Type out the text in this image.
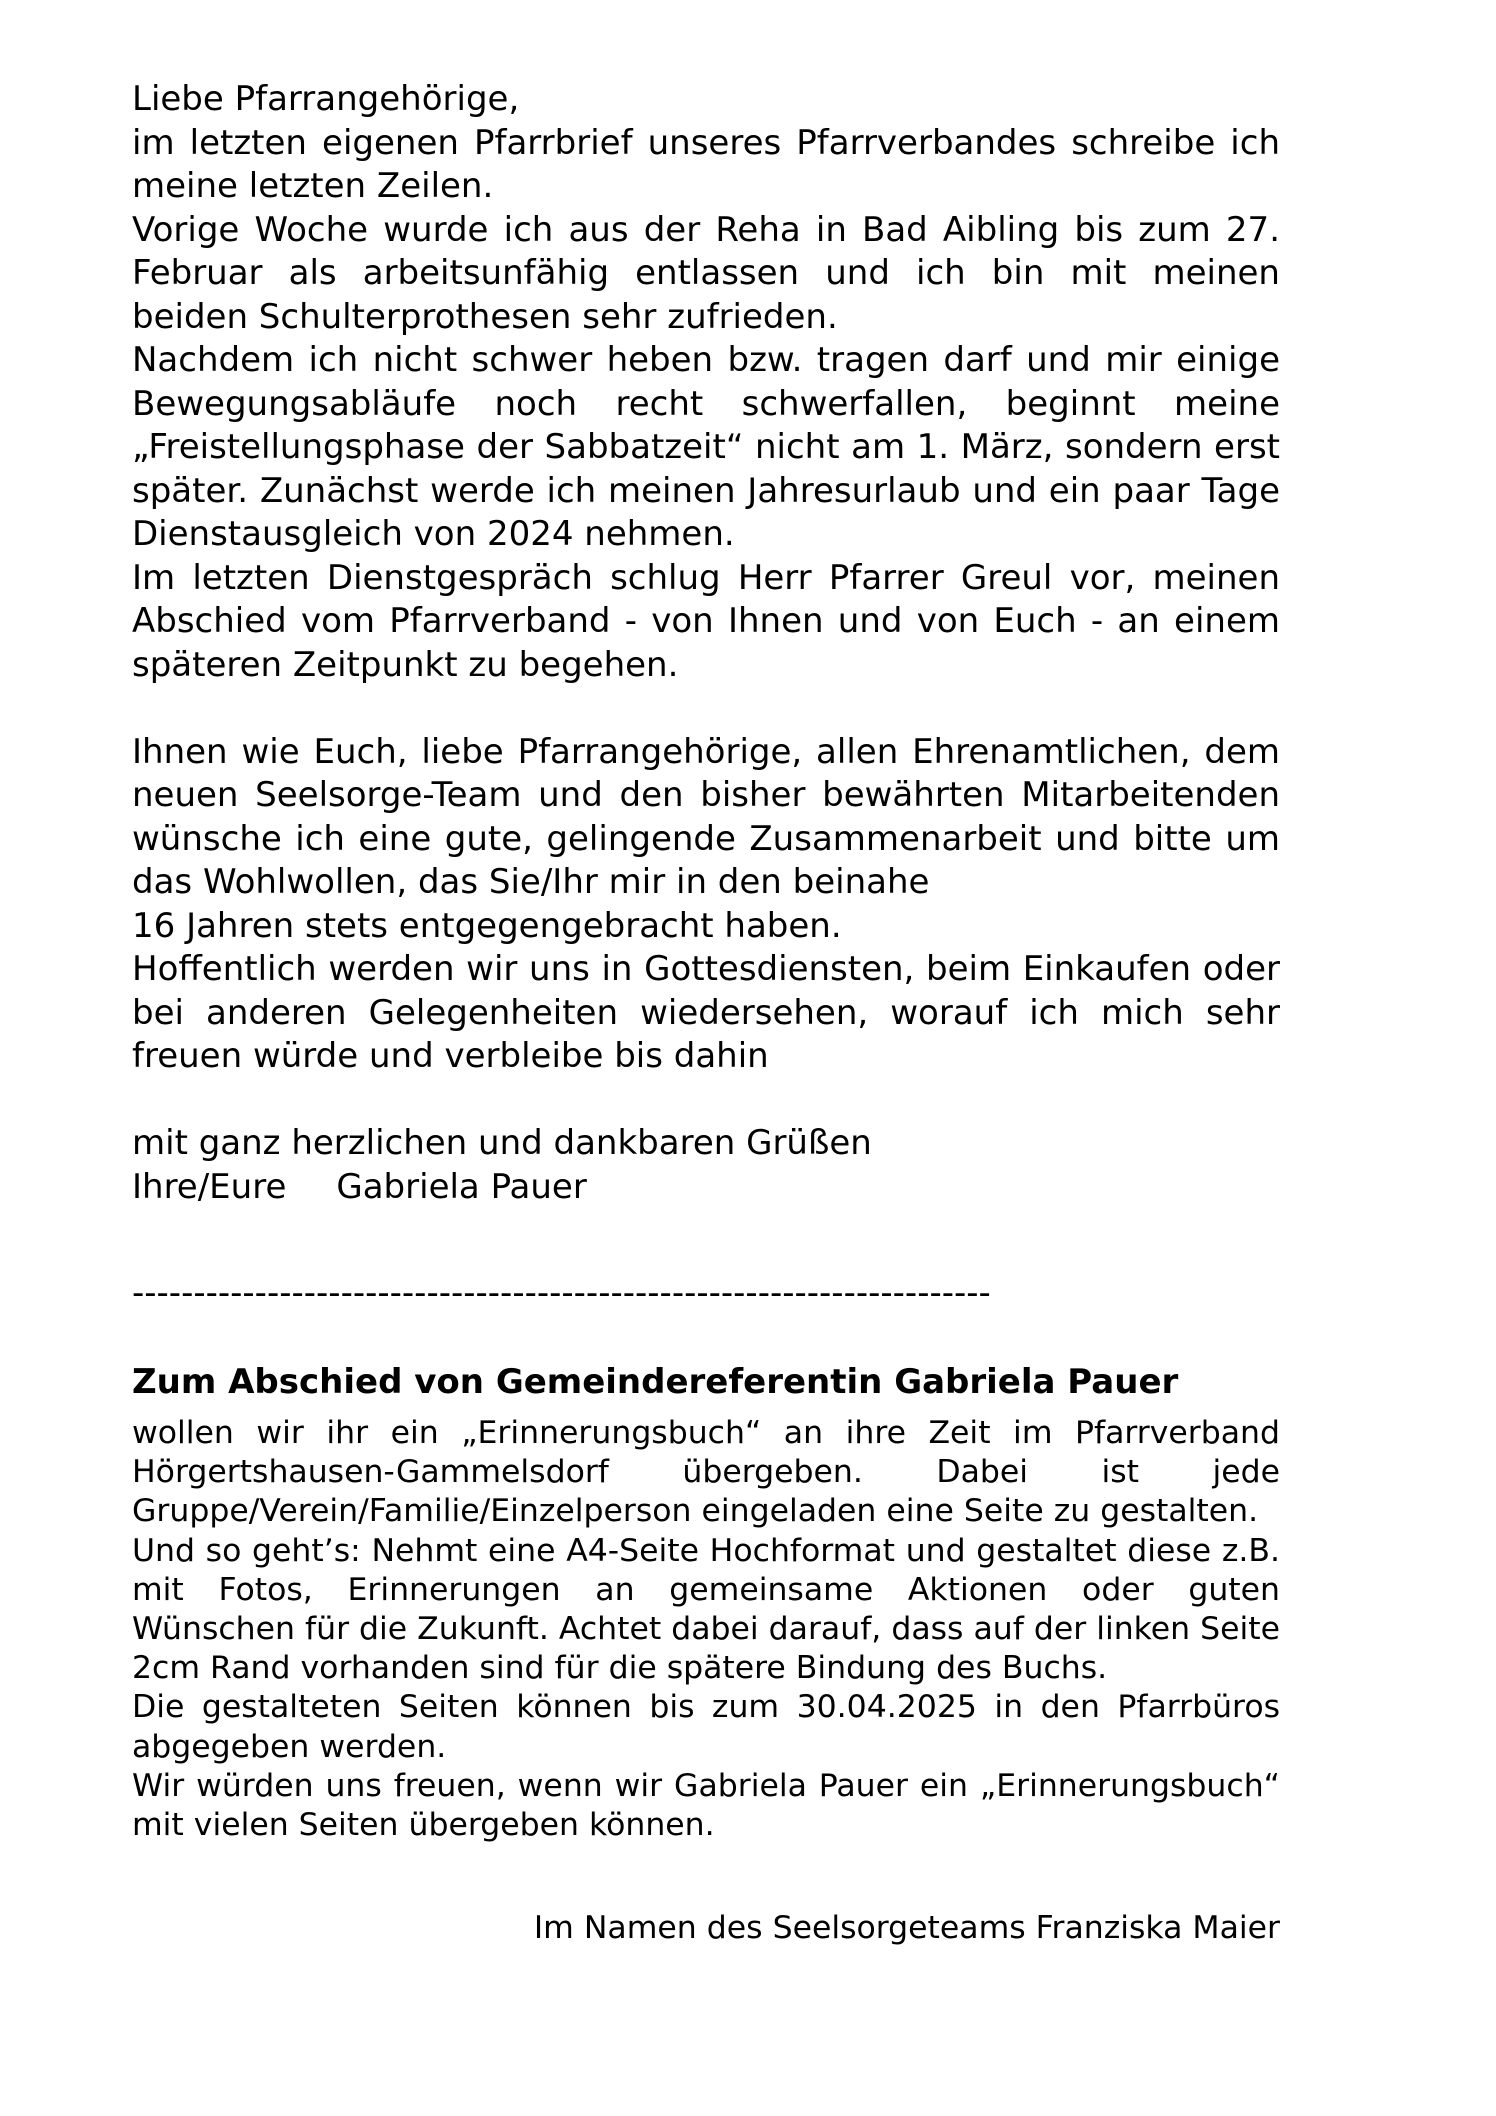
Liebe Pfarrangehörige,

im letzten eigenen Pfarrbrief unseres Pfarrverbandes schreibe ich meine letzten Zeilen.

Vorige Woche wurde ich aus der Reha in Bad Aibling bis zum 27. Februar als arbeitsunfähig entlassen und ich bin mit meinen beiden Schulterprothesen sehr zufrieden.

Nachdem ich nicht schwer heben bzw. tragen darf und mir einige Bewegungsabläufe noch recht schwerfallen, beginnt meine „Freistellungsphase der Sabbatzeit“ nicht am 1. März, sondern erst später. Zunächst werde ich meinen Jahresurlaub und ein paar Tage Dienstausgleich von 2024 nehmen.

Im letzten Dienstgespräch schlug Herr Pfarrer Greul vor, meinen Abschied vom Pfarrverband - von Ihnen und von Euch - an einem späteren Zeitpunkt zu begehen.

Ihnen wie Euch, liebe Pfarrangehörige, allen Ehrenamtlichen, dem neuen Seelsorge-Team und den bisher bewährten Mitarbeitenden wünsche ich eine gute, gelingende Zusammenarbeit und bitte um das Wohlwollen, das Sie/Ihr mir in den beinahe

16 Jahren stets entgegengebracht haben.

Hoffentlich werden wir uns in Gottesdiensten, beim Einkaufen oder bei anderen Gelegenheiten wiedersehen, worauf ich mich sehr freuen würde und verbleibe bis dahin

mit ganz herzlichen und dankbaren Grüßen

Ihre/Eure Gabriela Pauer

----------------------------------------------------------------------
Zum Abschied von Gemeindereferentin Gabriela Pauer

wollen wir ihr ein „Erinnerungsbuch“ an ihre Zeit im Pfarrverband Hörgertshausen-Gammelsdorf übergeben. Dabei ist jede Gruppe/Verein/Familie/Einzelperson eingeladen eine Seite zu gestalten.

Und so geht’s: Nehmt eine A4-Seite Hochformat und gestaltet diese z.B. mit Fotos, Erinnerungen an gemeinsame Aktionen oder guten Wünschen für die Zukunft. Achtet dabei darauf, dass auf der linken Seite 2cm Rand vorhanden sind für die spätere Bindung des Buchs.

Die gestalteten Seiten können bis zum 30.04.2025 in den Pfarrbüros abgegeben werden.

Wir würden uns freuen, wenn wir Gabriela Pauer ein „Erinnerungsbuch“ mit vielen Seiten übergeben können.

Im Namen des Seelsorgeteams Franziska Maier
